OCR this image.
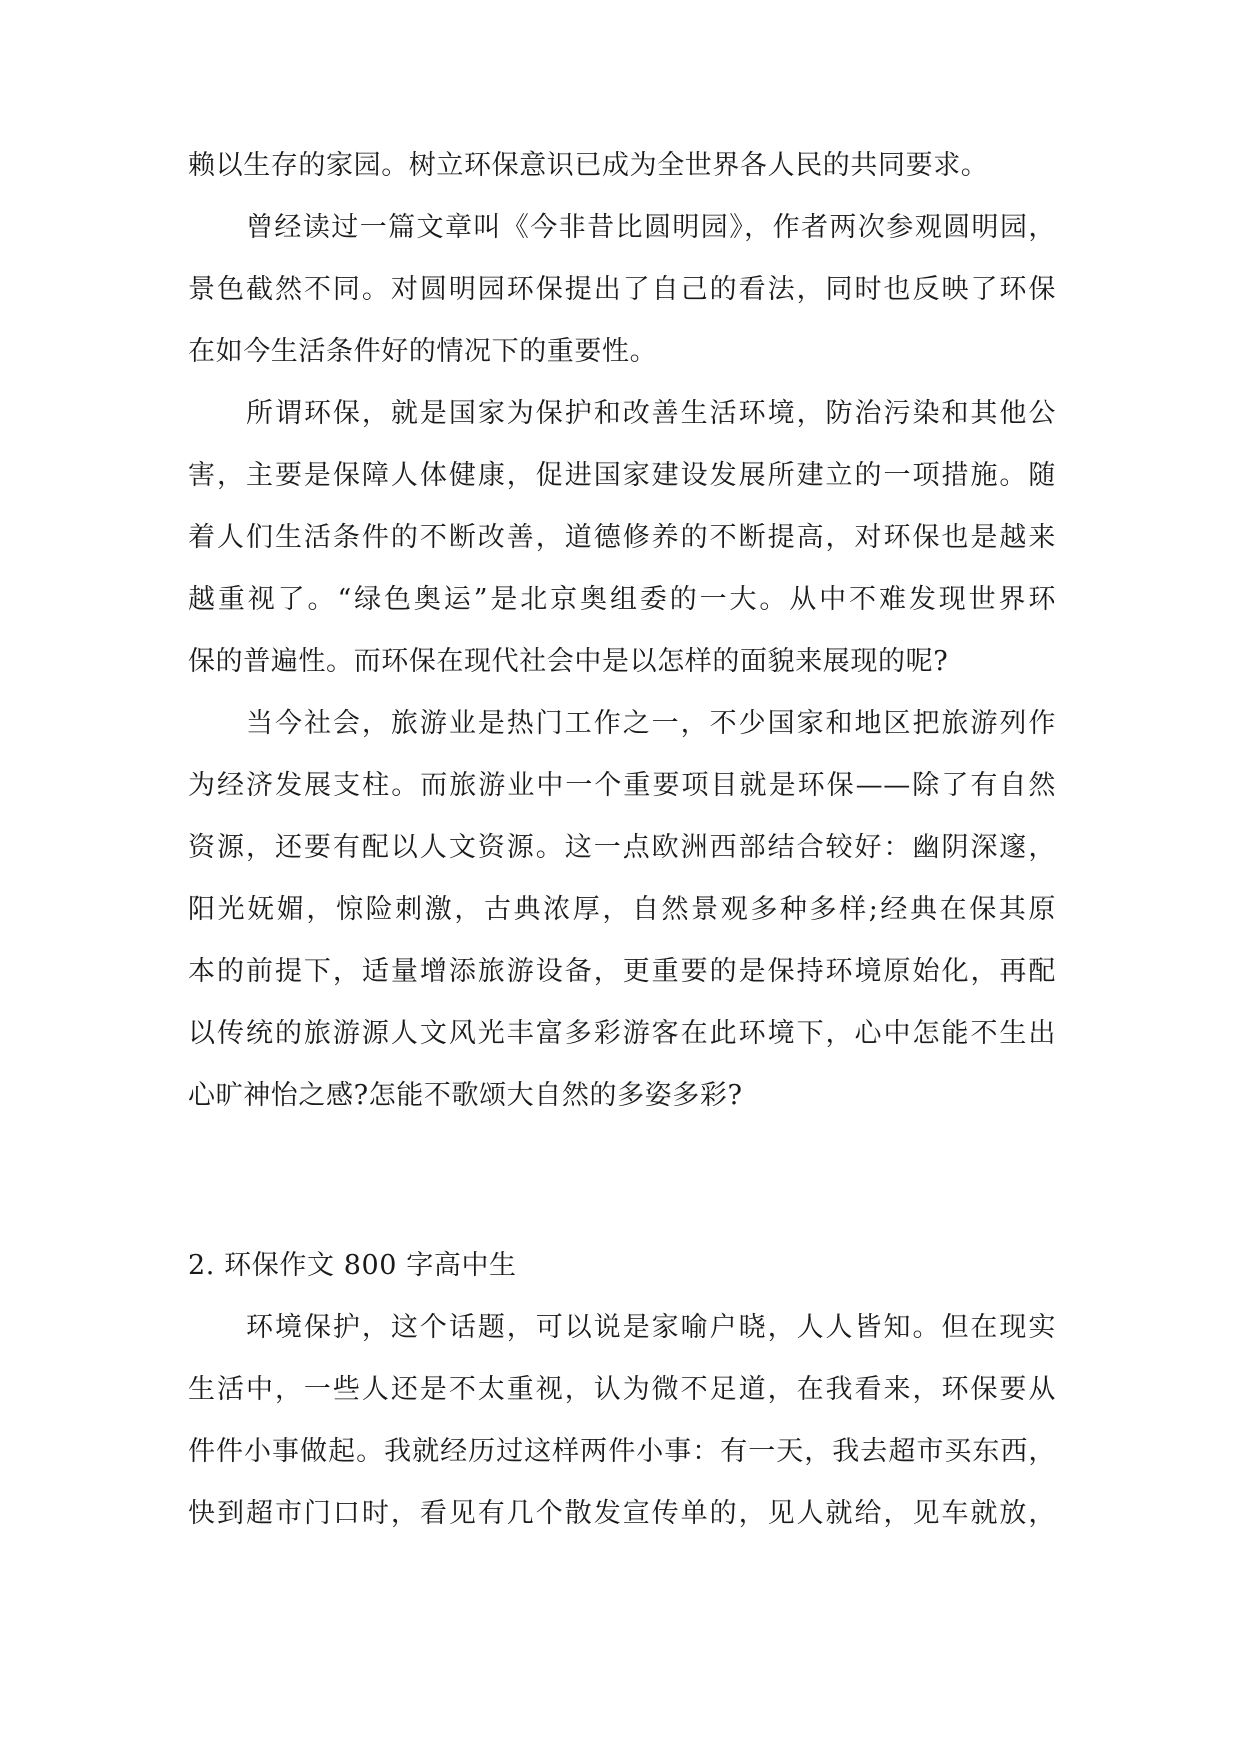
赖以生存的家园。树立环保意识已成为全世界各人民的共同要求。
曾经读过一篇文章叫《今非昔比圆明园》，作者两次参观圆明园，
景色截然不同。对圆明园环保提出了自己的看法，同时也反映了环保
在如今生活条件好的情况下的重要性。
所谓环保，就是国家为保护和改善生活环境，防治污染和其他公
害，主要是保障人体健康，促进国家建设发展所建立的一项措施。随
着人们生活条件的不断改善，道德修养的不断提高，对环保也是越来
越重视了。“绿色奥运”是北京奥组委的一大。从中不难发现世界环
保的普遍性。而环保在现代社会中是以怎样的面貌来展现的呢?
当今社会，旅游业是热门工作之一，不少国家和地区把旅游列作
为经济发展支柱。而旅游业中一个重要项目就是环保——除了有自然
资源，还要有配以人文资源。这一点欧洲西部结合较好：幽阴深邃，
阳光妩媚，惊险刺激，古典浓厚，自然景观多种多样;经典在保其原
本的前提下，适量增添旅游设备，更重要的是保持环境原始化，再配
以传统的旅游源人文风光丰富多彩游客在此环境下，心中怎能不生出
心旷神怡之感?怎能不歌颂大自然的多姿多彩?
2. 环保作文 800 字高中生
环境保护，这个话题，可以说是家喻户晓，人人皆知。但在现实
生活中，一些人还是不太重视，认为微不足道，在我看来，环保要从
件件小事做起。我就经历过这样两件小事：有一天，我去超市买东西，
快到超市门口时，看见有几个散发宣传单的，见人就给，见车就放，
